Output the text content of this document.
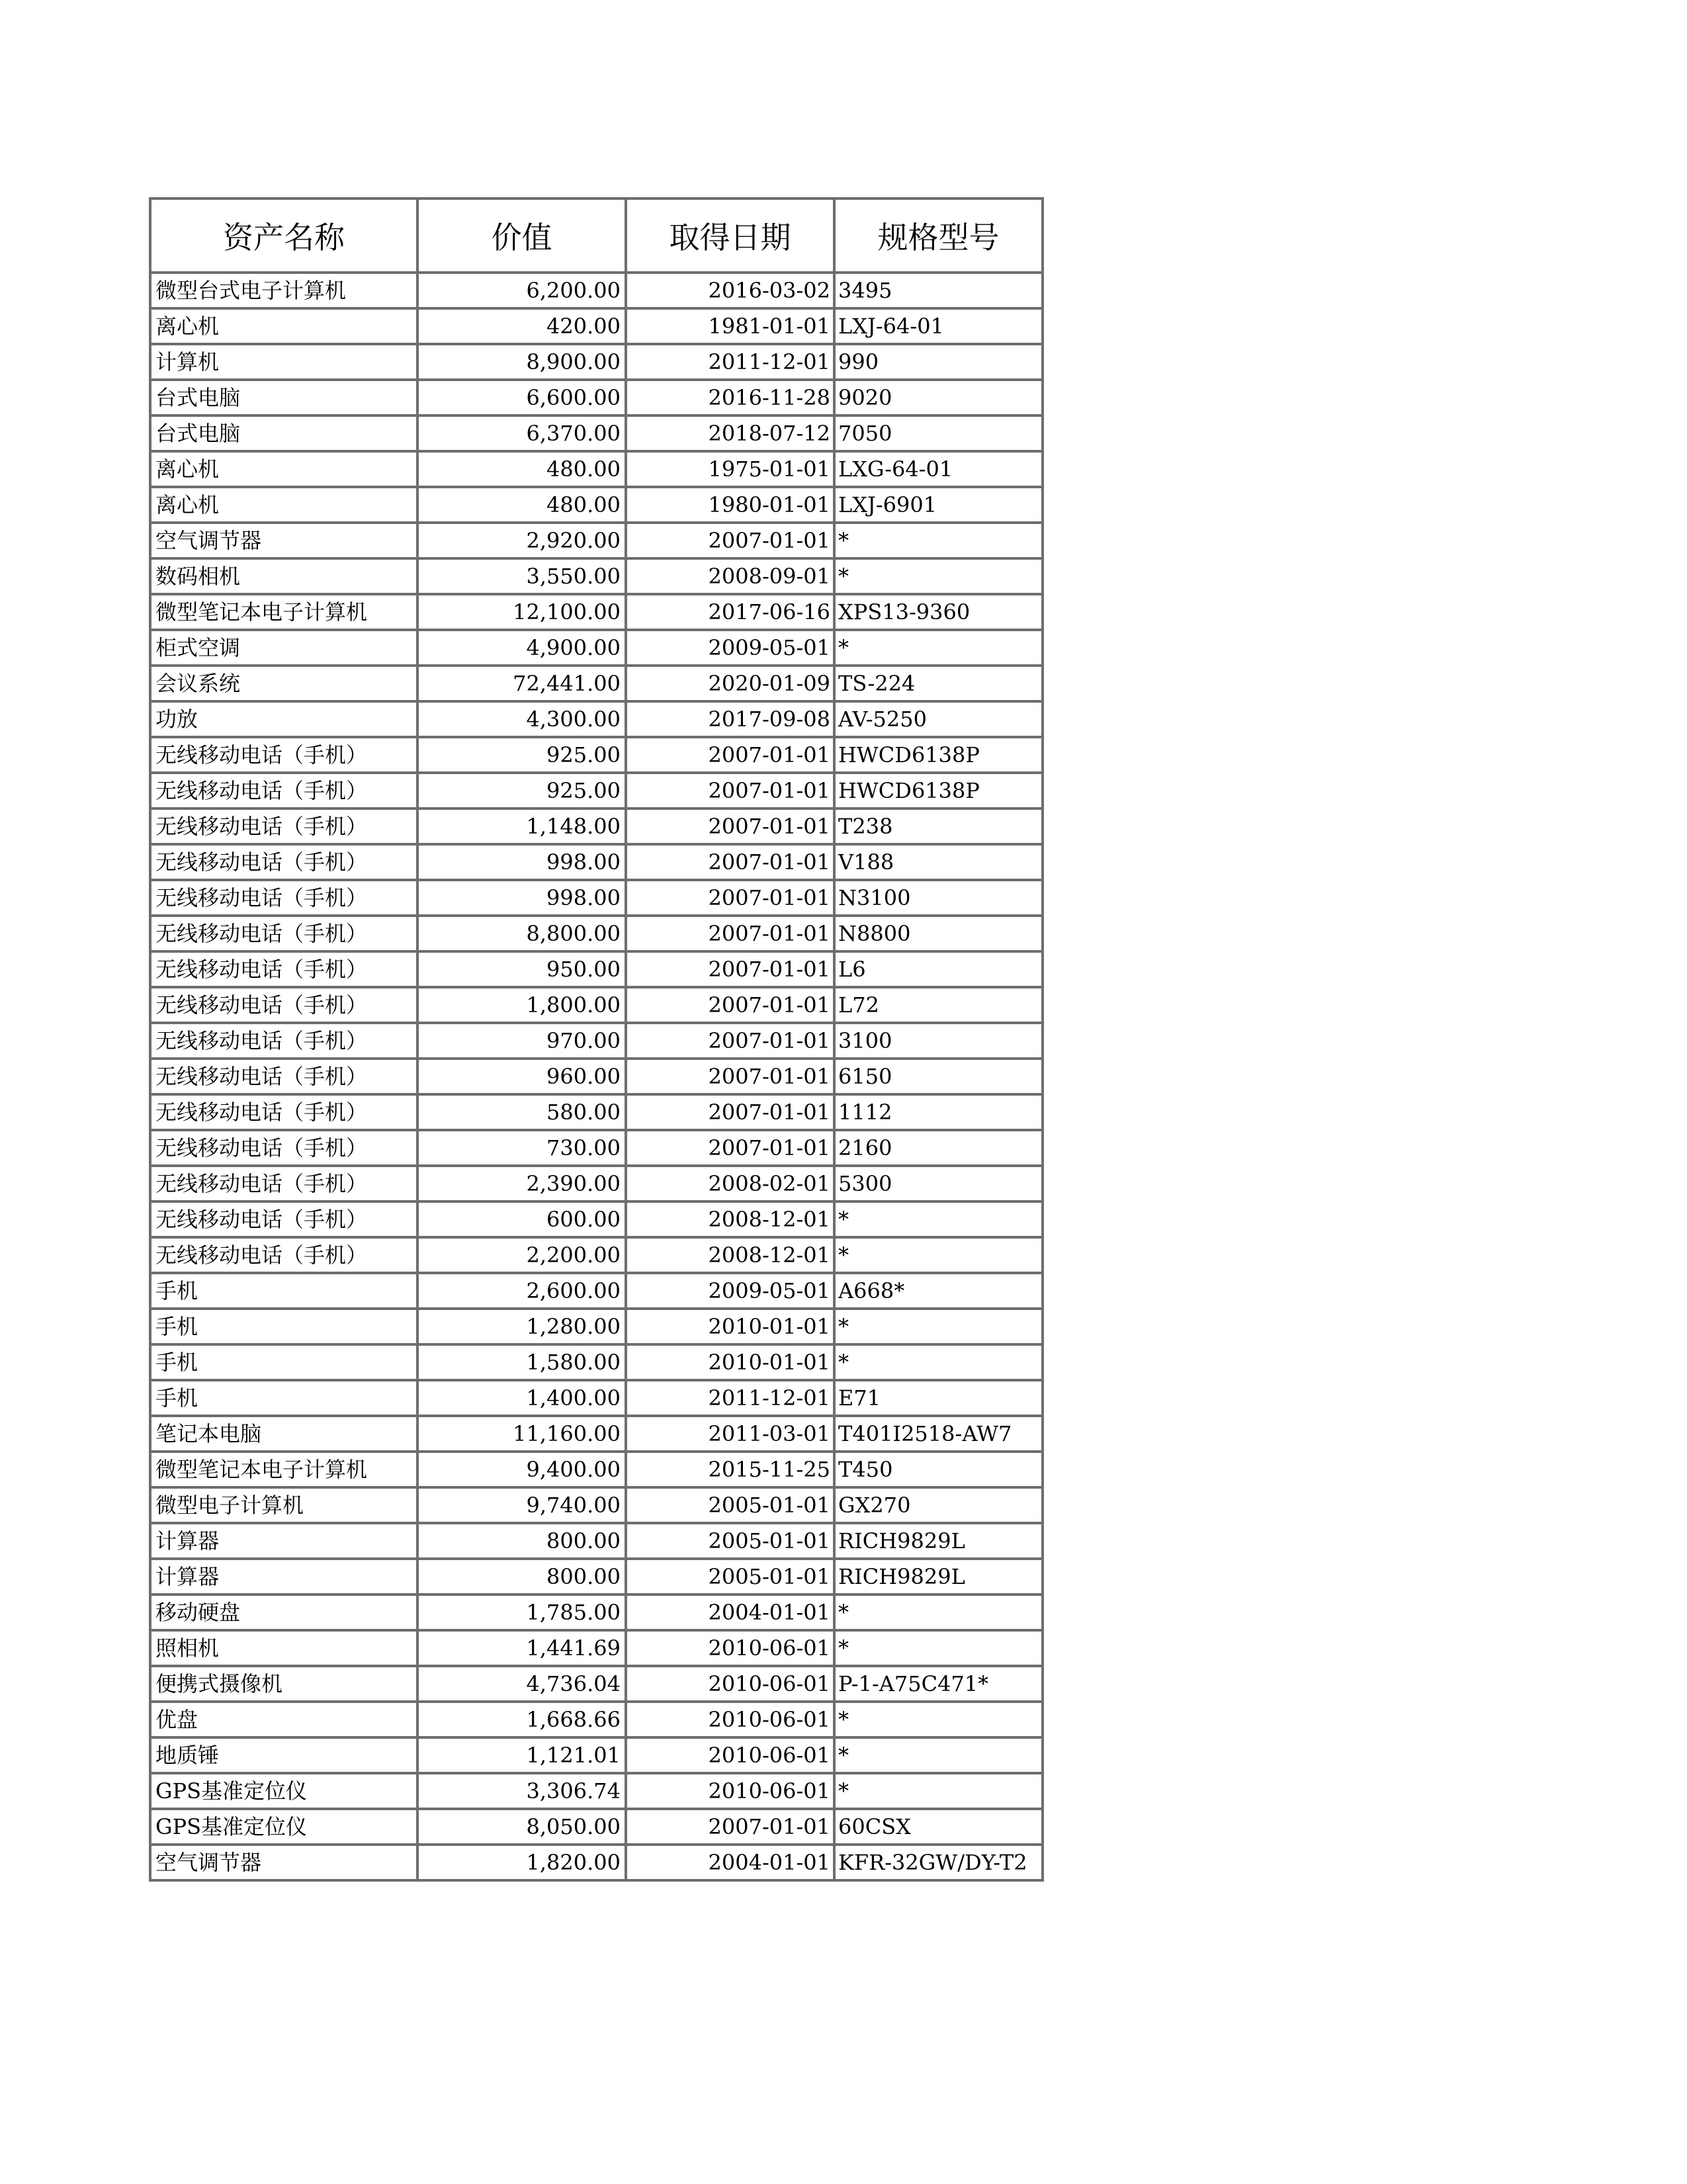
资产名称	价值	取得日期	规格型号
微型台式电子计算机	6,200.00	2016-03-02	3495
离心机	420.00	1981-01-01	LXJ-64-01
计算机	8,900.00	2011-12-01	990
台式电脑	6,600.00	2016-11-28	9020
台式电脑	6,370.00	2018-07-12	7050
离心机	480.00	1975-01-01	LXG-64-01
离心机	480.00	1980-01-01	LXJ-6901
空气调节器	2,920.00	2007-01-01	*
数码相机	3,550.00	2008-09-01	*
微型笔记本电子计算机	12,100.00	2017-06-16	XPS13-9360
柜式空调	4,900.00	2009-05-01	*
会议系统	72,441.00	2020-01-09	TS-224
功放	4,300.00	2017-09-08	AV-5250
无线移动电话（手机）	925.00	2007-01-01	HWCD6138P
无线移动电话（手机）	925.00	2007-01-01	HWCD6138P
无线移动电话（手机）	1,148.00	2007-01-01	T238
无线移动电话（手机）	998.00	2007-01-01	V188
无线移动电话（手机）	998.00	2007-01-01	N3100
无线移动电话（手机）	8,800.00	2007-01-01	N8800
无线移动电话（手机）	950.00	2007-01-01	L6
无线移动电话（手机）	1,800.00	2007-01-01	L72
无线移动电话（手机）	970.00	2007-01-01	3100
无线移动电话（手机）	960.00	2007-01-01	6150
无线移动电话（手机）	580.00	2007-01-01	1112
无线移动电话（手机）	730.00	2007-01-01	2160
无线移动电话（手机）	2,390.00	2008-02-01	5300
无线移动电话（手机）	600.00	2008-12-01	*
无线移动电话（手机）	2,200.00	2008-12-01	*
手机	2,600.00	2009-05-01	A668*
手机	1,280.00	2010-01-01	*
手机	1,580.00	2010-01-01	*
手机	1,400.00	2011-12-01	E71
笔记本电脑	11,160.00	2011-03-01	T401I2518-AW7
微型笔记本电子计算机	9,400.00	2015-11-25	T450
微型电子计算机	9,740.00	2005-01-01	GX270
计算器	800.00	2005-01-01	RICH9829L
计算器	800.00	2005-01-01	RICH9829L
移动硬盘	1,785.00	2004-01-01	*
照相机	1,441.69	2010-06-01	*
便携式摄像机	4,736.04	2010-06-01	P-1-A75C471*
优盘	1,668.66	2010-06-01	*
地质锤	1,121.01	2010-06-01	*
GPS基准定位仪	3,306.74	2010-06-01	*
GPS基准定位仪	8,050.00	2007-01-01	60CSX
空气调节器	1,820.00	2004-01-01	KFR-32GW/DY-T2
